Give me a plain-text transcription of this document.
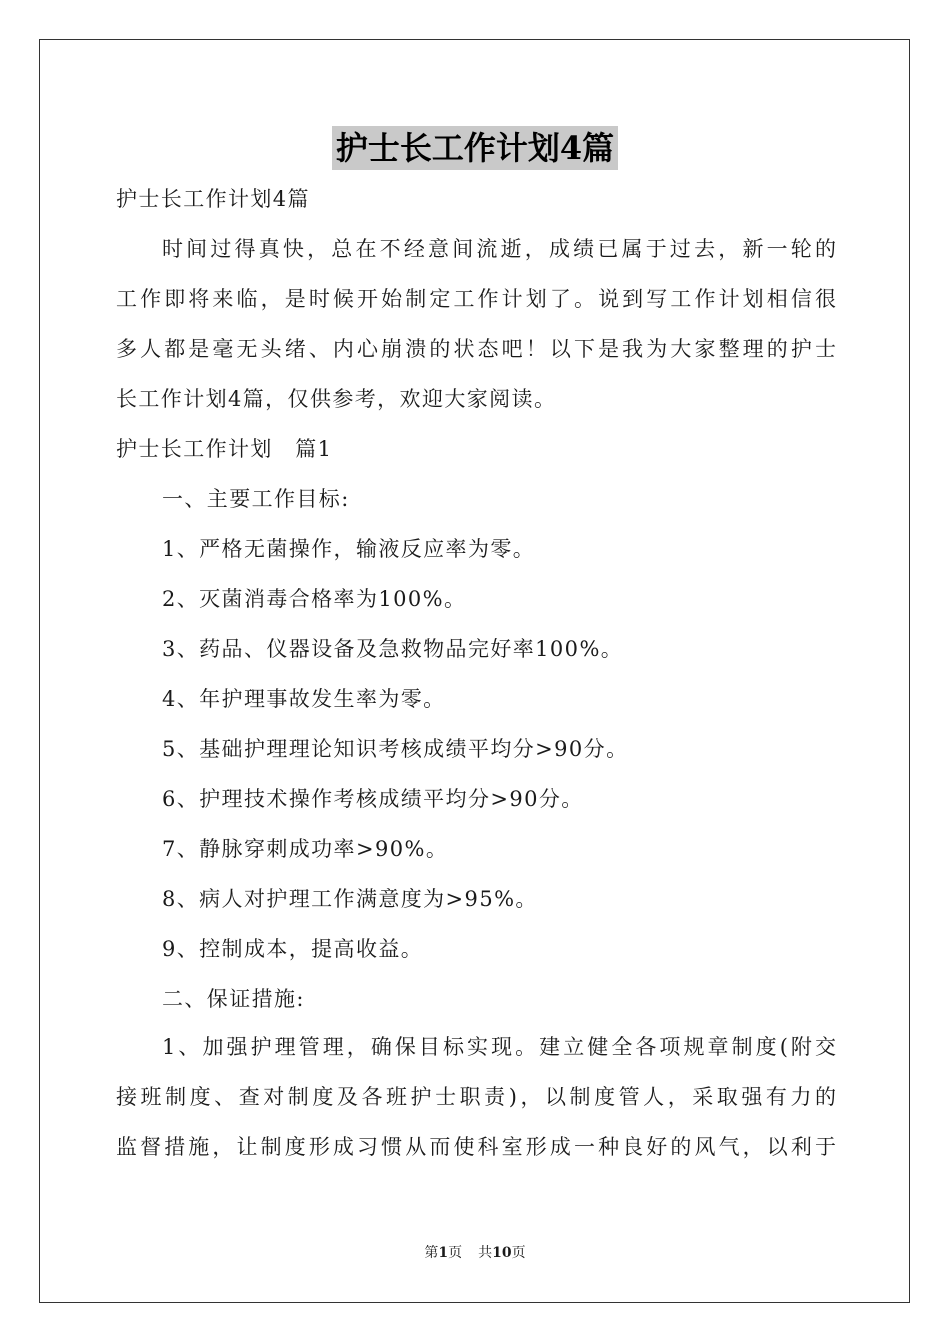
护士长工作计划4篇
护士长工作计划4篇
时间过得真快，总在不经意间流逝，成绩已属于过去，新一轮的
工作即将来临，是时候开始制定工作计划了。说到写工作计划相信很
多人都是毫无头绪、内心崩溃的状态吧！以下是我为大家整理的护士
长工作计划4篇，仅供参考，欢迎大家阅读。
护士长工作计划　篇1
一、主要工作目标:
1、严格无菌操作，输液反应率为零。
2、灭菌消毒合格率为100%。
3、药品、仪器设备及急救物品完好率100%。
4、年护理事故发生率为零。
5、基础护理理论知识考核成绩平均分>90分。
6、护理技术操作考核成绩平均分>90分。
7、静脉穿刺成功率>90%。
8、病人对护理工作满意度为>95%。
9、控制成本，提高收益。
二、保证措施:
1、加强护理管理，确保目标实现。建立健全各项规章制度(附交
接班制度、查对制度及各班护士职责)，以制度管人，采取强有力的
监督措施，让制度形成习惯从而使科室形成一种良好的风气，以利于
第1页 共10页
